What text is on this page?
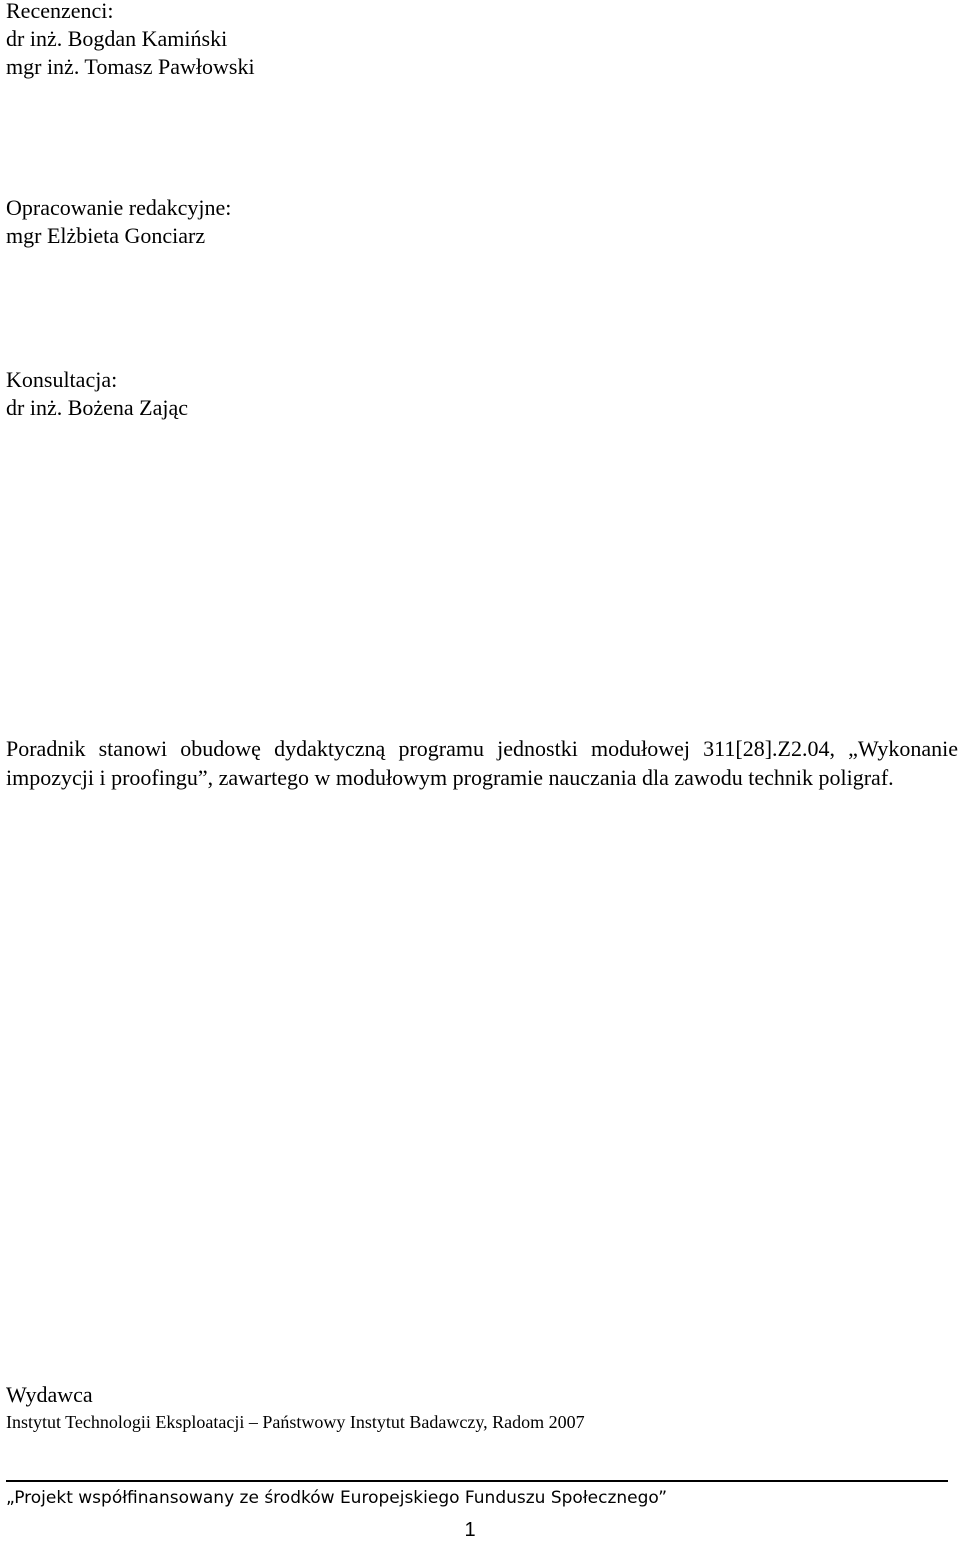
Recenzenci:
dr inż. Bogdan Kamiński
mgr inż. Tomasz Pawłowski
Opracowanie redakcyjne:
mgr Elżbieta Gonciarz
Konsultacja:
dr inż. Bożena Zając

Poradnik stanowi obudowę dydaktyczną programu jednostki modułowej 311[28].Z2.04, „Wykonanie impozycji i proofingu”, zawartego w modułowym programie nauczania dla zawodu technik poligraf.

Wydawca
Instytut Technologii Eksploatacji – Państwowy Instytut Badawczy, Radom 2007
„Projekt współfinansowany ze środków Europejskiego Funduszu Społecznego”
1
